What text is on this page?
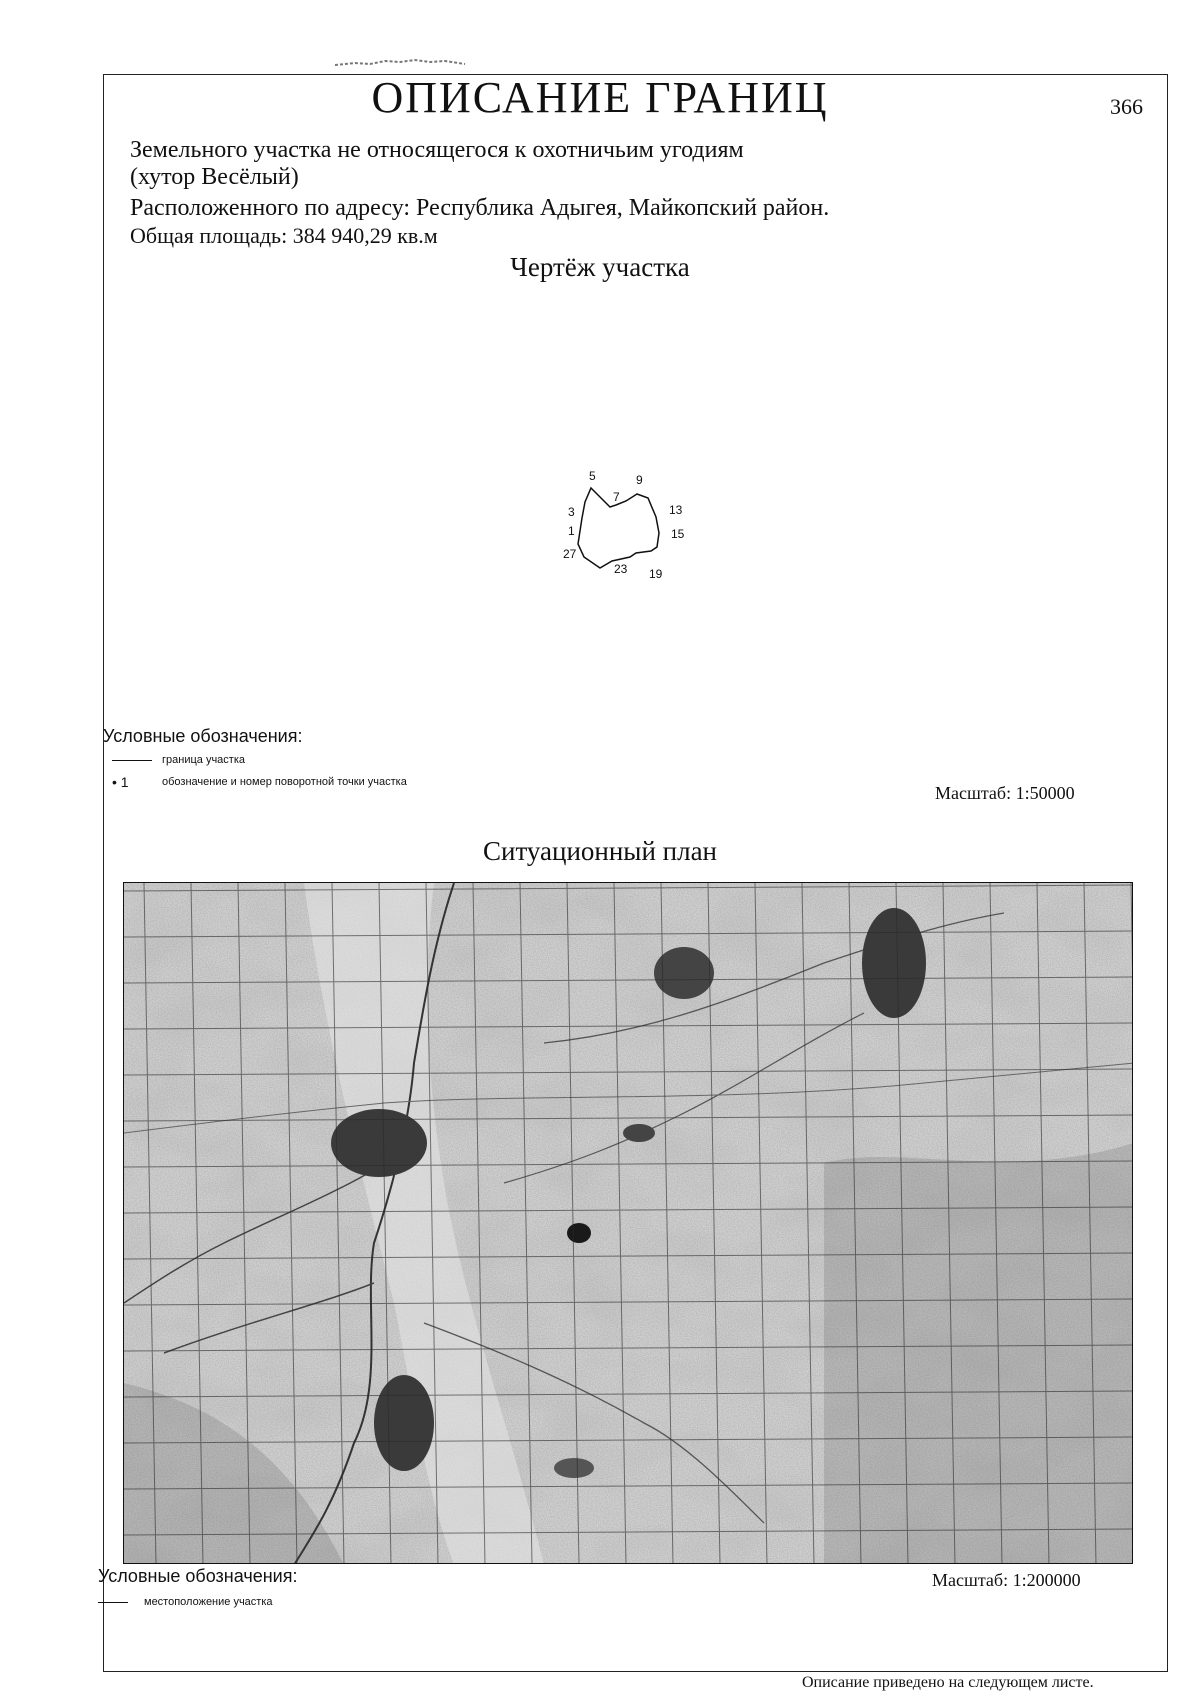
ОПИСАНИЕ ГРАНИЦ	366
Земельного участка не относящегося к охотничьим угодиям
(хутор Весёлый)
Расположенного по адресу: Республика Адыгея, Майкопский район.
Общая площадь: 384 940,29 кв.м
Чертёж участка
5	9
7
3	13
1	15
27
23 19
Условные обозначения:
граница участка
• 1	обозначение и номер поворотной точки участка
Масштаб: 1:50000
Ситуационный план
Условные обозначения:	Масштаб: 1:200000
местоположение участка
Описание приведено на следующем листе.
